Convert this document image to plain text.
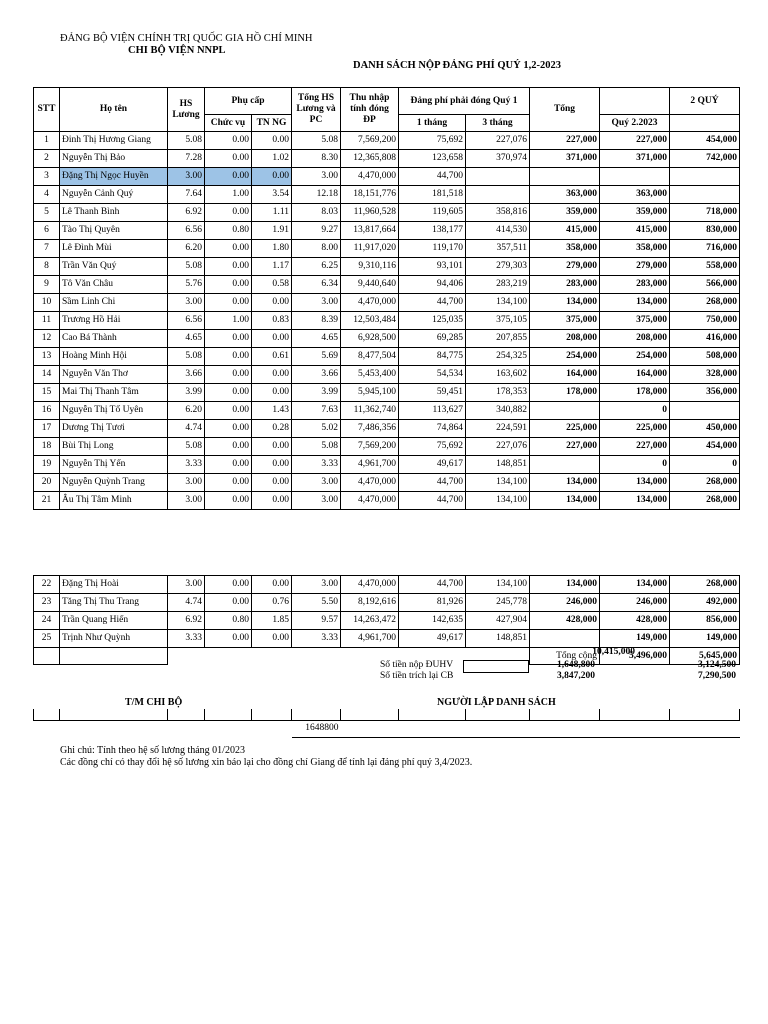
ĐẢNG BỘ VIỆN CHÍNH TRỊ QUỐC GIA HỒ CHÍ MINH
CHI BỘ VIỆN NNPL
DANH SÁCH NỘP ĐẢNG PHÍ QUÝ 1,2-2023
STT	Họ tên	HS Lương	Phụ cấp		Tổng HS Lương và PC	Thu nhập tính đóng ĐP	Đảng phí phải đóng Quý 1		Tổng		2 QUÝ
			Chức vụ	TN NG			1 tháng	3 tháng		Quý 2.2023	
1	Đinh Thị Hương Giang	5.08	0.00	0.00	5.08	7,569,200	75,692	227,076	227,000	227,000	454,000
2	Nguyễn Thị Bảo	7.28	0.00	1.02	8.30	12,365,808	123,658	370,974	371,000	371,000	742,000
3	Đặng Thị Ngọc Huyền	3.00	0.00	0.00	3.00	4,470,000	44,700				
4	Nguyễn Cảnh Quý	7.64	1.00	3.54	12.18	18,151,776	181,518		363,000	363,000	
5	Lê Thanh Bình	6.92	0.00	1.11	8.03	11,960,528	119,605	358,816	359,000	359,000	718,000
6	Tào Thị Quyên	6.56	0.80	1.91	9.27	13,817,664	138,177	414,530	415,000	415,000	830,000
7	Lê Đình Mùi	6.20	0.00	1.80	8.00	11,917,020	119,170	357,511	358,000	358,000	716,000
8	Trần Văn Quý	5.08	0.00	1.17	6.25	9,310,116	93,101	279,303	279,000	279,000	558,000
9	Tô Văn Châu	5.76	0.00	0.58	6.34	9,440,640	94,406	283,219	283,000	283,000	566,000
10	Sầm Linh Chi	3.00	0.00	0.00	3.00	4,470,000	44,700	134,100	134,000	134,000	268,000
11	Trương Hồ Hải	6.56	1.00	0.83	8.39	12,503,484	125,035	375,105	375,000	375,000	750,000
12	Cao Bá Thành	4.65	0.00	0.00	4.65	6,928,500	69,285	207,855	208,000	208,000	416,000
13	Hoàng Minh Hội	5.08	0.00	0.61	5.69	8,477,504	84,775	254,325	254,000	254,000	508,000
14	Nguyễn Văn Thơ	3.66	0.00	0.00	3.66	5,453,400	54,534	163,602	164,000	164,000	328,000
15	Mai Thị Thanh Tâm	3.99	0.00	0.00	3.99	5,945,100	59,451	178,353	178,000	178,000	356,000
16	Nguyễn Thị Tố Uyên	6.20	0.00	1.43	7.63	11,362,740	113,627	340,882		0	
17	Dương Thị Tươi	4.74	0.00	0.28	5.02	7,486,356	74,864	224,591	225,000	225,000	450,000
18	Bùi Thị Long	5.08	0.00	0.00	5.08	7,569,200	75,692	227,076	227,000	227,000	454,000
19	Nguyễn Thị Yến	3.33	0.00	0.00	3.33	4,961,700	49,617	148,851		0	0
20	Nguyễn Quỳnh Trang	3.00	0.00	0.00	3.00	4,470,000	44,700	134,100	134,000	134,000	268,000
21	Âu Thị Tâm Minh	3.00	0.00	0.00	3.00	4,470,000	44,700	134,100	134,000	134,000	268,000
22	Đặng Thị Hoài	3.00	0.00	0.00	3.00	4,470,000	44,700	134,100	134,000	134,000	268,000
23	Tăng Thị Thu Trang	4.74	0.00	0.76	5.50	8,192,616	81,926	245,778	246,000	246,000	492,000
24	Trần Quang Hiến	6.92	0.80	1.85	9.57	14,263,472	142,635	427,904	428,000	428,000	856,000
25	Trịnh Như Quỳnh	3.33	0.00	0.00	3.33	4,961,700	49,617	148,851		149,000	149,000
									Tổng cộng	5,496,000	5,645,000
10,415,000
Số tiền nộp ĐUHV	1,648,800	3,124,500
Số tiền trích lại CB	3,847,200	7,290,500
T/M CHI BỘ	NGƯỜI LẬP DANH SÁCH

					1648800						
Ghi chú: Tính theo hệ số lương tháng 01/2023
Các đồng chí có thay đổi hệ số lương xin báo lại cho đồng chí Giang để tính lại đảng phí quý 3,4/2023.
